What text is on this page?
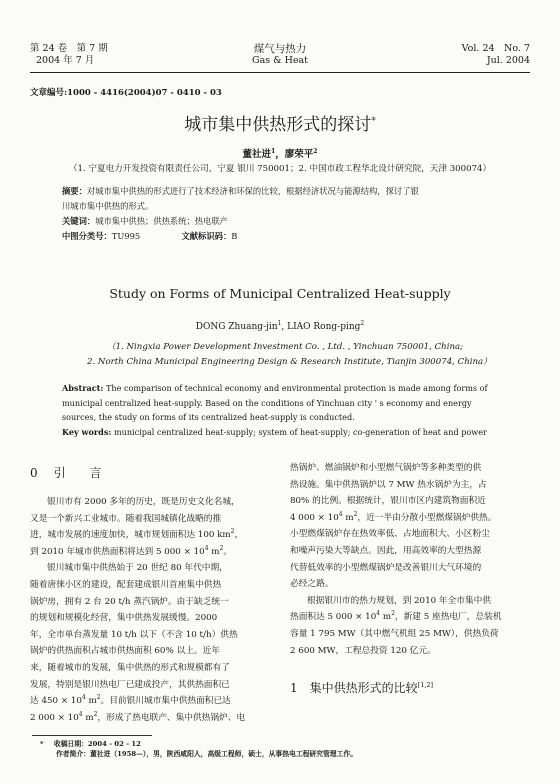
第 24 卷　第 7 期
2004 年 7 月
煤气与热力
Gas & Heat
Vol. 24　No. 7
Jul. 2004
文章编号:1000 - 4416(2004)07 - 0410 - 03
城市集中供热形式的探讨*
董社进$^1$，廖荣平$^2$
（1. 宁夏电力开发投资有限责任公司，宁夏 银川 750001；2. 中国市政工程华北设计研究院，天津 300074）
摘要：对城市集中供热的形式进行了技术经济和环保的比较，根据经济状况与能源结构，探讨了银
川城市集中供热的形式。
关键词：城市集中供热；供热系统；热电联产
中图分类号：TU995	文献标识码：B
Study on Forms of Municipal Centralized Heat-supply
DONG Zhuang-jin$^1$, LIAO Rong-ping$^2$
（1. Ningxia Power Development Investment Co. , Ltd. , Yinchuan 750001, China;
2. North China Municipal Engineering Design & Research Institute, Tianjin 300074, China）
Abstract: The comparison of technical economy and environmental protection is made among forms of
municipal centralized heat-supply. Based on the conditions of Yinchuan city ' s economy and energy
sources, the study on forms of its centralized heat-supply is conducted.
Key words: municipal centralized heat-supply; system of heat-supply; co-generation of heat and power
0 引　　言
银川市有 2000 多年的历史，既是历史文化名城，
又是一个新兴工业城市。随着我国城镇化战略的推
进，城市发展的速度加快，城市规划面积达 100 $km^2$，
到 2010 年城市供热面积将达到 5 $000 \times 10^4$ $m^2$。
银川城市集中供热始于 20 世纪 80 年代中期，
随着唐徕小区的建设，配套建成银川首座集中供热
锅炉房，拥有 2 台 20 t/h 蒸汽锅炉。由于缺乏统一
的规划和规模化经营，集中供热发展缓慢。2000
年，全市单台蒸发量 10 t/h 以下（不含 10 t/h）供热
锅炉的供热面积占城市供热面积 60% 以上。近年
来，随着城市的发展，集中供热的形式和规模都有了
发展，特别是银川热电厂已建成投产，其供热面积已
达 $450 \times 10^4$ $m^2$。目前银川城市集中供热面积已达
2 $000 \times 10^4$ $m^2$，形成了热电联产、集中供热锅炉、电
热锅炉、燃油锅炉和小型燃气锅炉等多种类型的供
热设施。集中供热锅炉以 7 MW 热水锅炉为主，占
80% 的比例。根据统计，银川市区内建筑物面积近
4 $000 \times 10^4$ $m^2$，近一半由分散小型燃煤锅炉供热。
小型燃煤锅炉存在热效率低、占地面积大、小区粉尘
和噪声污染大等缺点。因此，用高效率的大型热源
代替低效率的小型燃煤锅炉是改善银川大气环境的
必经之路。
根据银川市的热力规划，到 2010 年全市集中供
热面积达 5 $000 \times 10^4$ $m^2$，新建 5 座热电厂，总装机
容量 1 795 MW（其中燃气机组 25 MW），供热负荷
2 600 MW，工程总投资 120 亿元。
1 集中供热形式的比较[1,2]
* 收稿日期：2004 - 02 - 12
作者简介：董社进（1958—），男，陕西咸阳人，高级工程师，硕士，从事热电工程研究管理工作。
